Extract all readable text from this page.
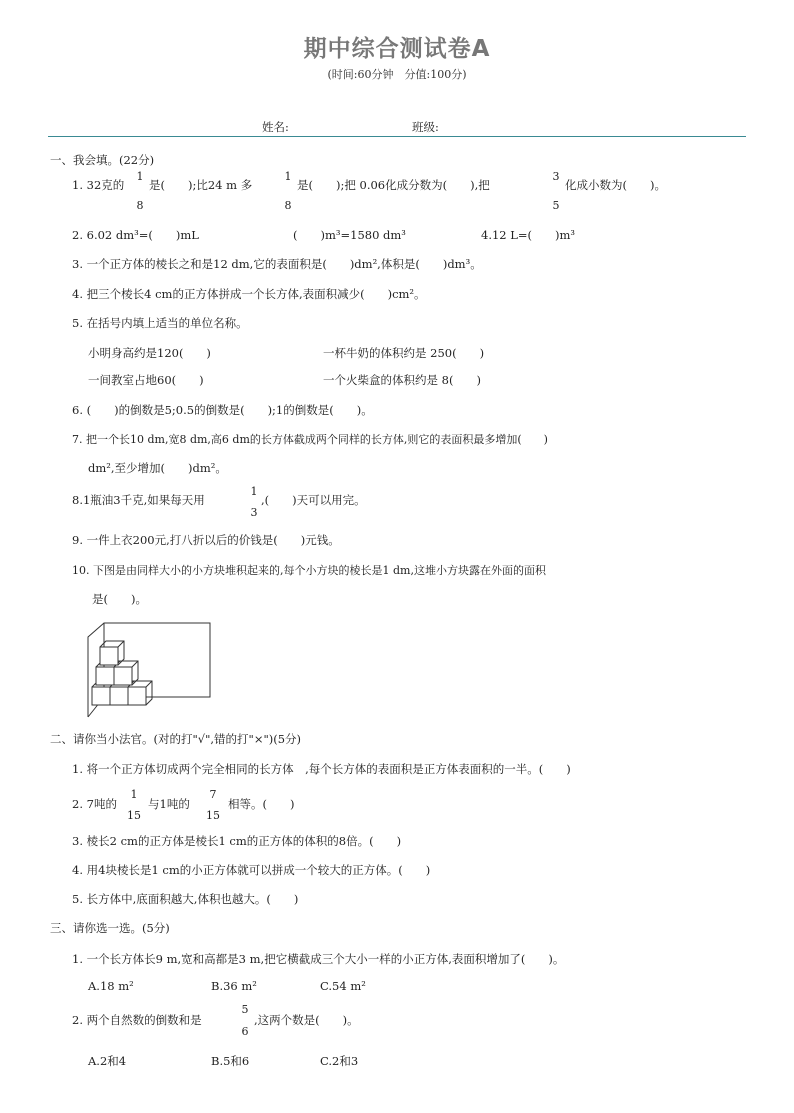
期中综合测试卷A
(时间:60分钟　分值:100分)
姓名:	班级:
一、我会填。(22分)
1. 32克的
1
8
是(　　);比24 m 多
1
8
是(　　);把 0.06化成分数为(　　),把
3
5
化成小数为(　　)。
2. 6.02 dm³=(　　)mL	(　　)m³=1580 dm³	4.12 L=(　　)m³
3. 一个正方体的棱长之和是12 dm,它的表面积是(　　)dm²,体积是(　　)dm³。
4. 把三个棱长4 cm的正方体拼成一个长方体,表面积减少(　　)cm²。
5. 在括号内填上适当的单位名称。
小明身高约是120(　　)	一杯牛奶的体积约是 250(　　)
一间教室占地60(　　)	一个火柴盒的体积约是 8(　　)
6. (　　)的倒数是5;0.5的倒数是(　　);1的倒数是(　　)。
7. 把一个长10 dm,宽8 dm,高6 dm的长方体截成两个同样的长方体,则它的表面积最多增加(　　)
dm²,至少增加(　　)dm²。
8.1瓶油3千克,如果每天用
1
3
,(　　)天可以用完。
9. 一件上衣200元,打八折以后的价钱是(　　)元钱。
10. 下图是由同样大小的小方块堆积起来的,每个小方块的棱长是1 dm,这堆小方块露在外面的面积
是(　　)。
二、请你当小法官。(对的打"√",错的打"×")(5分)
1. 将一个正方体切成两个完全相同的长方体　,每个长方体的表面积是正方体表面积的一半。(　　)
2. 7吨的
1
15
与1吨的
7
15
相等。(　　)
3. 棱长2 cm的正方体是棱长1 cm的正方体的体积的8倍。(　　)
4. 用4块棱长是1 cm的小正方体就可以拼成一个较大的正方体。(　　)
5. 长方体中,底面积越大,体积也越大。(　　)
三、请你选一选。(5分)
1. 一个长方体长9 m,宽和高都是3 m,把它横截成三个大小一样的小正方体,表面积增加了(　　)。
A.18 m²	B.36 m²	C.54 m²
2. 两个自然数的倒数和是
5
6
,这两个数是(　　)。
A.2和4	B.5和6	C.2和3
